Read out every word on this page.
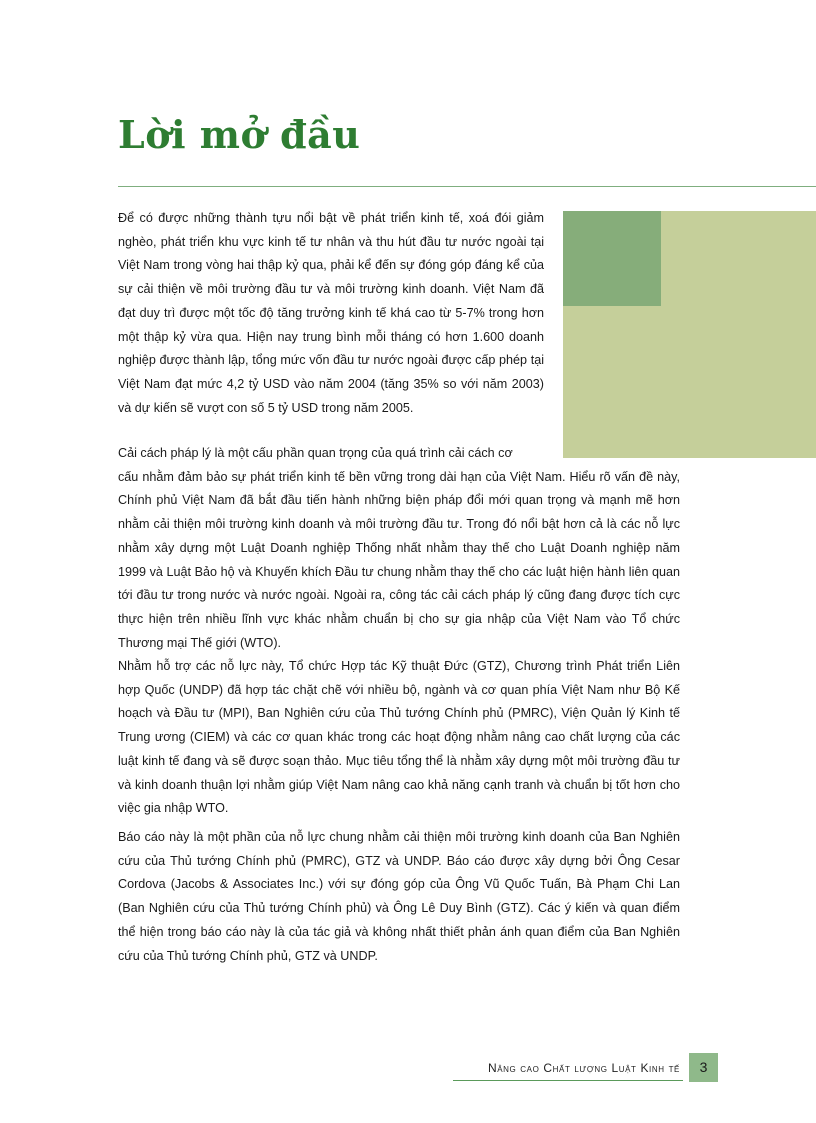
Lời mở đầu

Để có được những thành tựu nổi bật về phát triển kinh tế, xoá đói giảm nghèo, phát triển khu vực kinh tế tư nhân và thu hút đầu tư nước ngoài tại Việt Nam trong vòng hai thập kỷ qua, phải kể đến sự đóng góp đáng kể của sự cải thiện về môi trường đầu tư và môi trường kinh doanh. Việt Nam đã đạt duy trì được một tốc độ tăng trưởng kinh tế khá cao từ 5-7% trong hơn một thập kỷ vừa qua. Hiện nay trung bình mỗi tháng có hơn 1.600 doanh nghiệp được thành lập, tổng mức vốn đầu tư nước ngoài được cấp phép tại Việt Nam đạt mức 4,2 tỷ USD vào năm 2004 (tăng 35% so với năm 2003) và dự kiến sẽ vượt con số 5 tỷ USD trong năm 2005.

Cải cách pháp lý là một cấu phần quan trọng của quá trình cải cách cơ
cấu nhằm đảm bảo sự phát triển kinh tế bền vững trong dài hạn của Việt Nam. Hiểu rõ vấn đề này, Chính phủ Việt Nam đã bắt đầu tiến hành những biện pháp đổi mới quan trọng và mạnh mẽ hơn nhằm cải thiện môi trường kinh doanh và môi trường đầu tư. Trong đó nổi bật hơn cả là các nỗ lực nhằm xây dựng một Luật Doanh nghiệp Thống nhất nhằm thay thế cho Luật Doanh nghiệp năm 1999 và Luật Bảo hộ và Khuyến khích Đầu tư chung nhằm thay thế cho các luật hiện hành liên quan tới đầu tư trong nước và nước ngoài. Ngoài ra, công tác cải cách pháp lý cũng đang được tích cực thực hiện trên nhiều lĩnh vực khác nhằm chuẩn bị cho sự gia nhập của Việt Nam vào Tổ chức Thương mại Thế giới (WTO).

Nhằm hỗ trợ các nỗ lực này, Tổ chức Hợp tác Kỹ thuật Đức (GTZ), Chương trình Phát triển Liên hợp Quốc (UNDP) đã hợp tác chặt chẽ với nhiều bộ, ngành và cơ quan phía Việt Nam như Bộ Kế hoạch và Đầu tư (MPI), Ban Nghiên cứu của Thủ tướng Chính phủ (PMRC), Viện Quản lý Kinh tế Trung ương (CIEM) và các cơ quan khác trong các hoạt động nhằm nâng cao chất lượng của các luật kinh tế đang và sẽ được soạn thảo. Mục tiêu tổng thể là nhằm xây dựng một môi trường đầu tư và kinh doanh thuận lợi nhằm giúp Việt Nam nâng cao khả năng cạnh tranh và chuẩn bị tốt hơn cho việc gia nhập WTO.

Báo cáo này là một phần của nỗ lực chung nhằm cải thiện môi trường kinh doanh của Ban Nghiên cứu của Thủ tướng Chính phủ (PMRC), GTZ và UNDP. Báo cáo được xây dựng bởi Ông Cesar Cordova (Jacobs & Associates Inc.) với sự đóng góp của Ông Vũ Quốc Tuấn, Bà Phạm Chi Lan (Ban Nghiên cứu của Thủ tướng Chính phủ) và Ông Lê Duy Bình (GTZ). Các ý kiến và quan điểm thể hiện trong báo cáo này là của tác giả và không nhất thiết phản ánh quan điểm của Ban Nghiên cứu của Thủ tướng Chính phủ, GTZ và UNDP.

Nâng cao Chất lượng Luật Kinh tế	3
